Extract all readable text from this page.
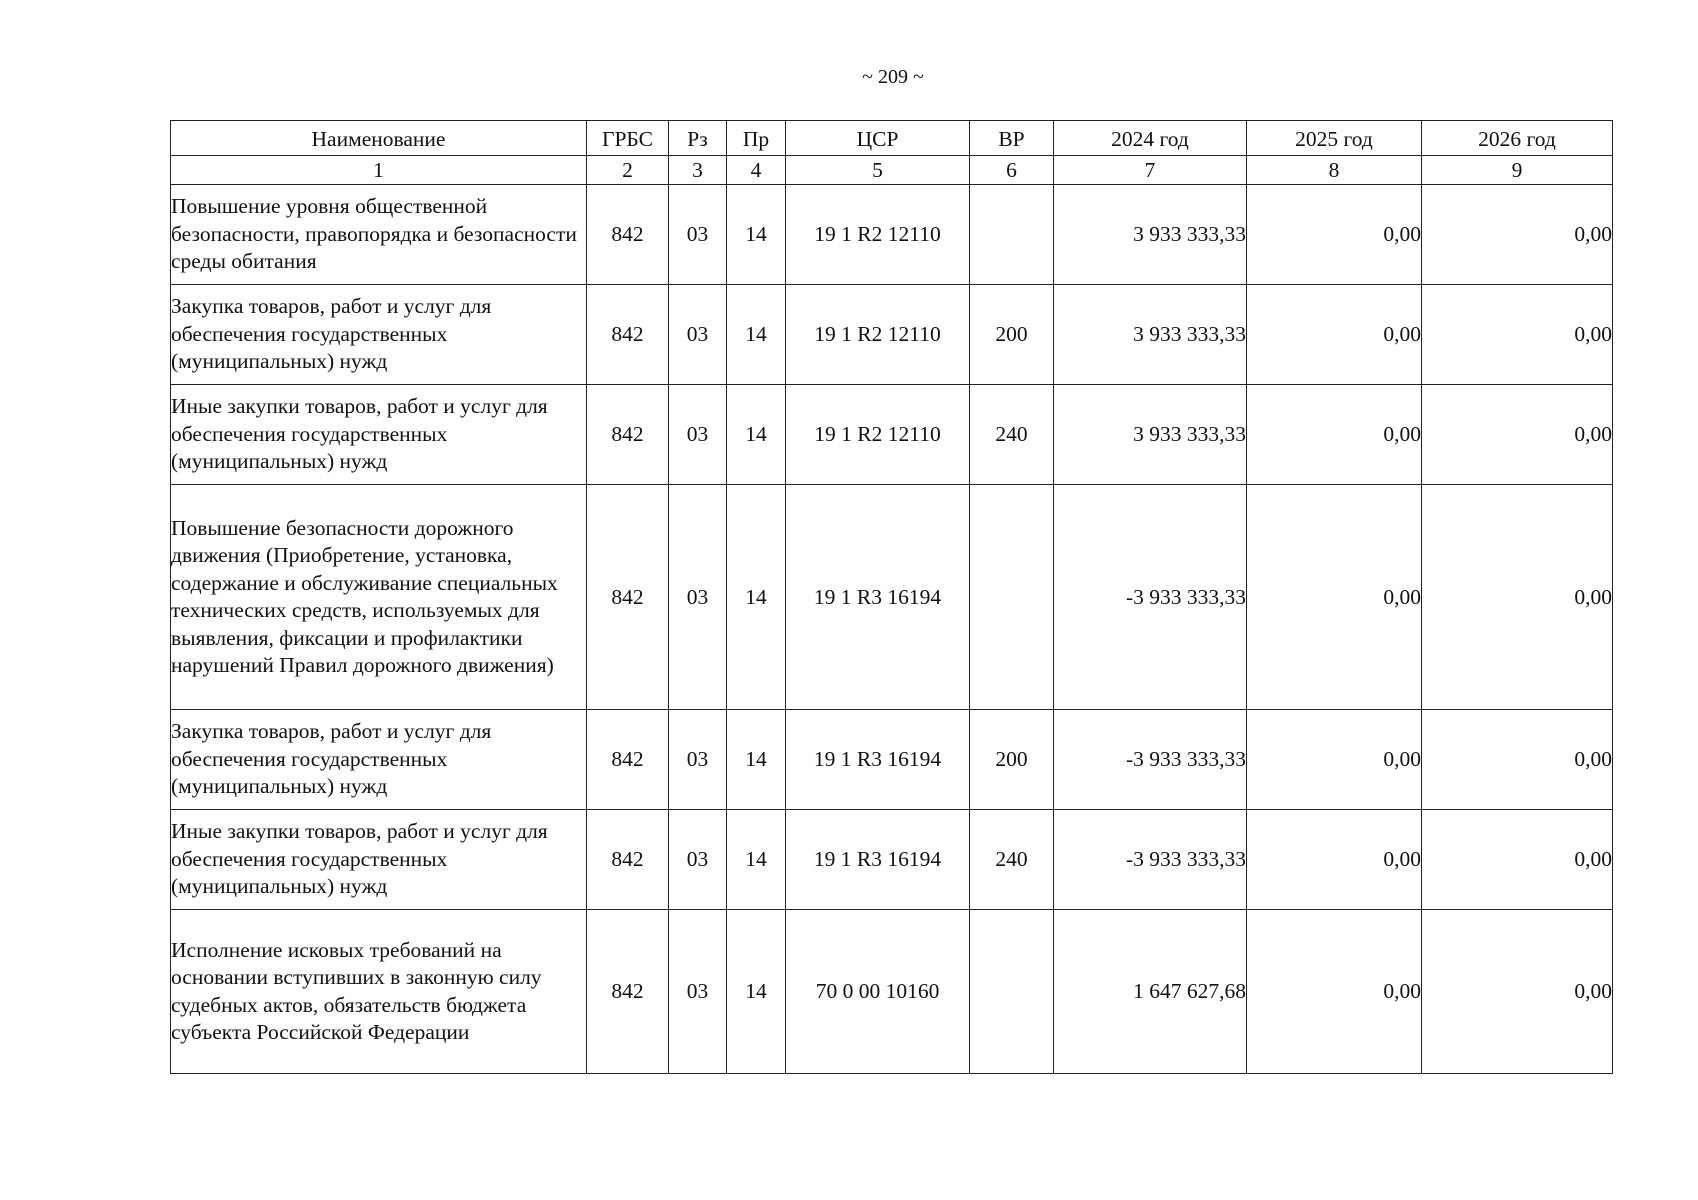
~ 209 ~
Наименование	ГРБС	Рз	Пр	ЦСР	ВР	2024 год	2025 год	2026 год
1	2	3	4	5	6	7	8	9
Повышение уровня общественной безопасности, правопорядка и безопасности среды обитания	842	03	14	19 1 R2 12110		3 933 333,33	0,00	0,00
Закупка товаров, работ и услуг для обеспечения государственных (муниципальных) нужд	842	03	14	19 1 R2 12110	200	3 933 333,33	0,00	0,00
Иные закупки товаров, работ и услуг для обеспечения государственных (муниципальных) нужд	842	03	14	19 1 R2 12110	240	3 933 333,33	0,00	0,00
Повышение безопасности дорожного движения (Приобретение, установка, содержание и обслуживание специальных технических средств, используемых для выявления, фиксации и профилактики нарушений Правил дорожного движения)	842	03	14	19 1 R3 16194		-3 933 333,33	0,00	0,00
Закупка товаров, работ и услуг для обеспечения государственных (муниципальных) нужд	842	03	14	19 1 R3 16194	200	-3 933 333,33	0,00	0,00
Иные закупки товаров, работ и услуг для обеспечения государственных (муниципальных) нужд	842	03	14	19 1 R3 16194	240	-3 933 333,33	0,00	0,00
Исполнение исковых требований на основании вступивших в законную силу судебных актов, обязательств бюджета субъекта Российской Федерации	842	03	14	70 0 00 10160		1 647 627,68	0,00	0,00
